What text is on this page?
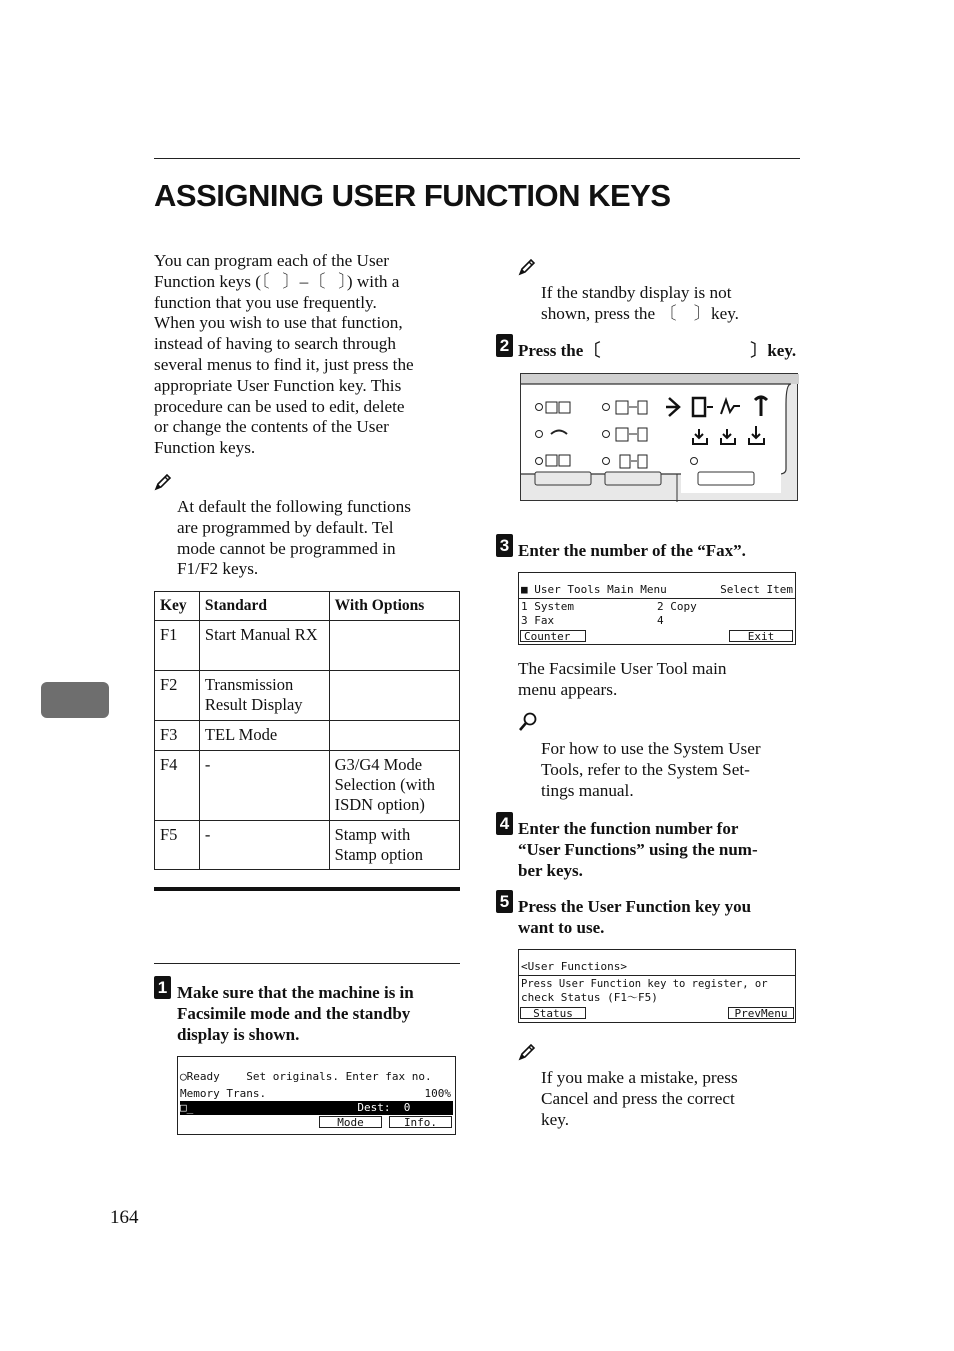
ASSIGNING USER FUNCTION KEYS
You can program each of the User
Function keys (〔   〕–〔   〕) with a
function that you use frequently.
When you wish to use that function,
instead of having to search through
several menus to find it, just press the
appropriate User Function key. This
procedure can be used to edit, delete
or change the contents of the User
Function keys.
At default the following functions
are programmed by default. Tel
mode cannot be programmed in
F1/F2 keys.
Key	Standard	With Options
F1	Start Manual RX	
F2	Transmission Result Display	
F3	TEL Mode	
F4	-	G3/G4 Mode Selection (with ISDN option)
F5	-	Stamp with Stamp option
1 Make sure that the machine is in
Facsimile mode and the standby
display is shown.
◯Ready    Set originals. Enter fax no.
Memory Trans.	100%
□_	Dest:  0
Mode	Info.
If the standby display is not
shown, press the 〔    〕key.
2 Press the〔	〕key.
3 Enter the number of the “Fax”.
■ User Tools Main Menu	Select Item
1 System	2 Copy
3 Fax	4
Counter	Exit
The Facsimile User Tool main
menu appears.
For how to use the System User
Tools, refer to the System Set-
tings manual.
4 Enter the function number for
“User Functions” using the num-
ber keys.
5 Press the User Function key you
want to use.
<User Functions>
Press User Function key to register, or
check Status (F1～F5)
Status	PrevMenu
If you make a mistake, press
Cancel and press the correct
key.
164
